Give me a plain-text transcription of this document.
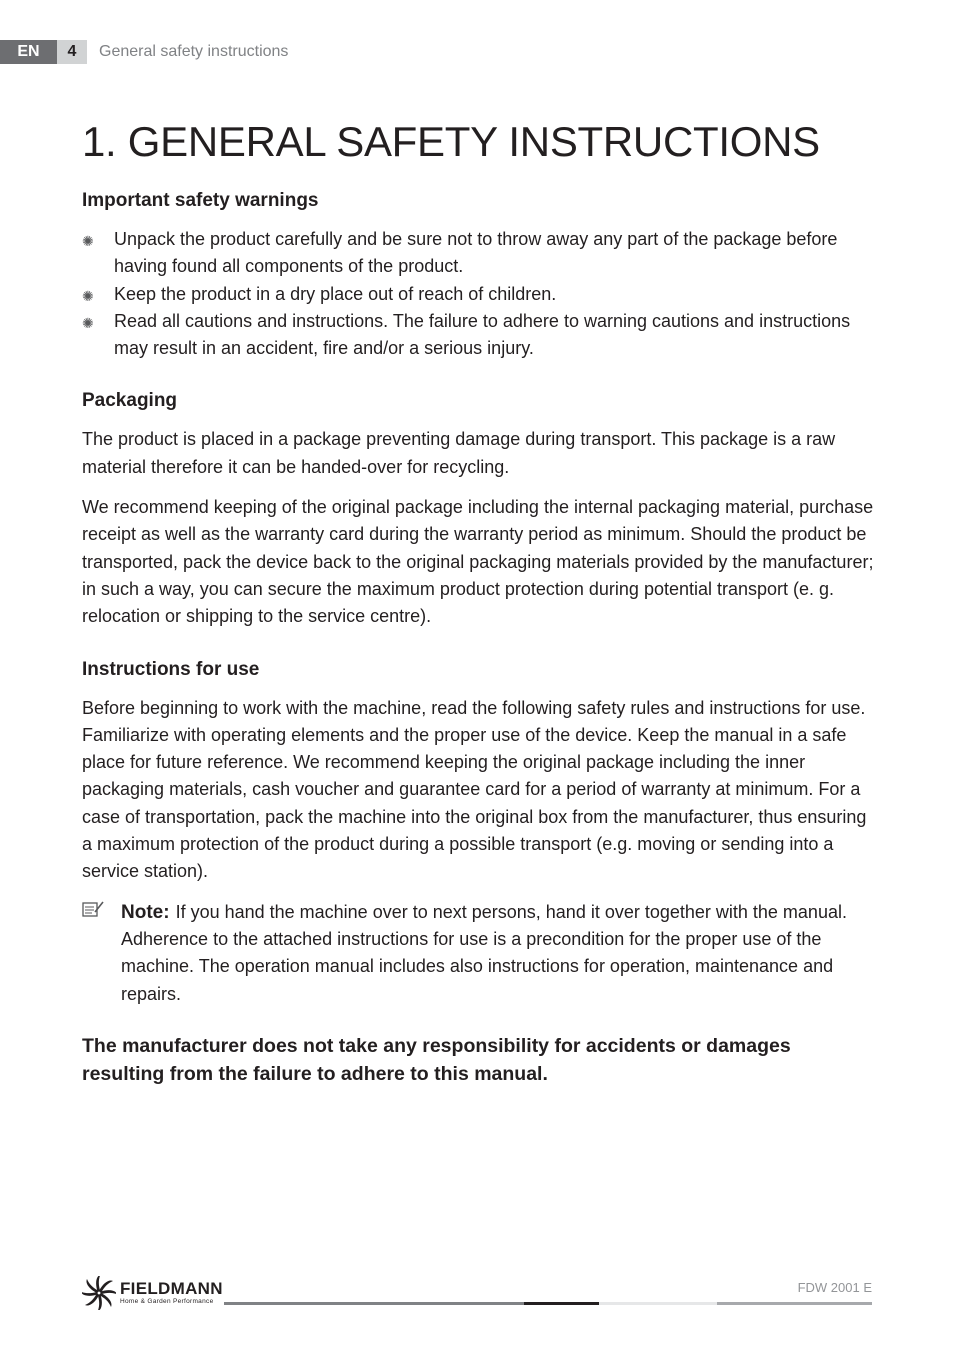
EN	4	General safety instructions
1. GENERAL SAFETY INSTRUCTIONS
Important safety warnings
✺ Unpack the product carefully and be sure not to throw away any part of the package before having found all components of the product.
✺ Keep the product in a dry place out of reach of children.
✺ Read all cautions and instructions. The failure to adhere to warning cautions and instructions may result in an accident, fire and/or a serious injury.
Packaging

The product is placed in a package preventing damage during transport. This package is a raw material therefore it can be handed-over for recycling.

We recommend keeping of the original package including the internal packaging material, purchase receipt as well as the warranty card during the warranty period as minimum. Should the product be transported, pack the device back to the original packaging materials provided by the manufacturer; in such a way, you can secure the maximum product protection during potential transport (e. g. relocation or shipping to the service centre).

Instructions for use

Before beginning to work with the machine, read the following safety rules and instructions for use. Familiarize with operating elements and the proper use of the device. Keep the manual in a safe place for future reference. We recommend keeping the original package including the inner packaging materials, cash voucher and guarantee card for a period of warranty at minimum. For a case of transportation, pack the machine into the original box from the manufacturer, thus ensuring a maximum protection of the product during a possible transport (e.g. moving or sending into a service station).

Note: If you hand the machine over to next persons, hand it over together with the manual. Adherence to the attached instructions for use is a precondition for the proper use of the machine. The operation manual includes also instructions for operation, maintenance and repairs.

The manufacturer does not take any responsibility for accidents or damages resulting from the failure to adhere to this manual.

FIELDMANN
Home & Garden Performance
FDW 2001 E
